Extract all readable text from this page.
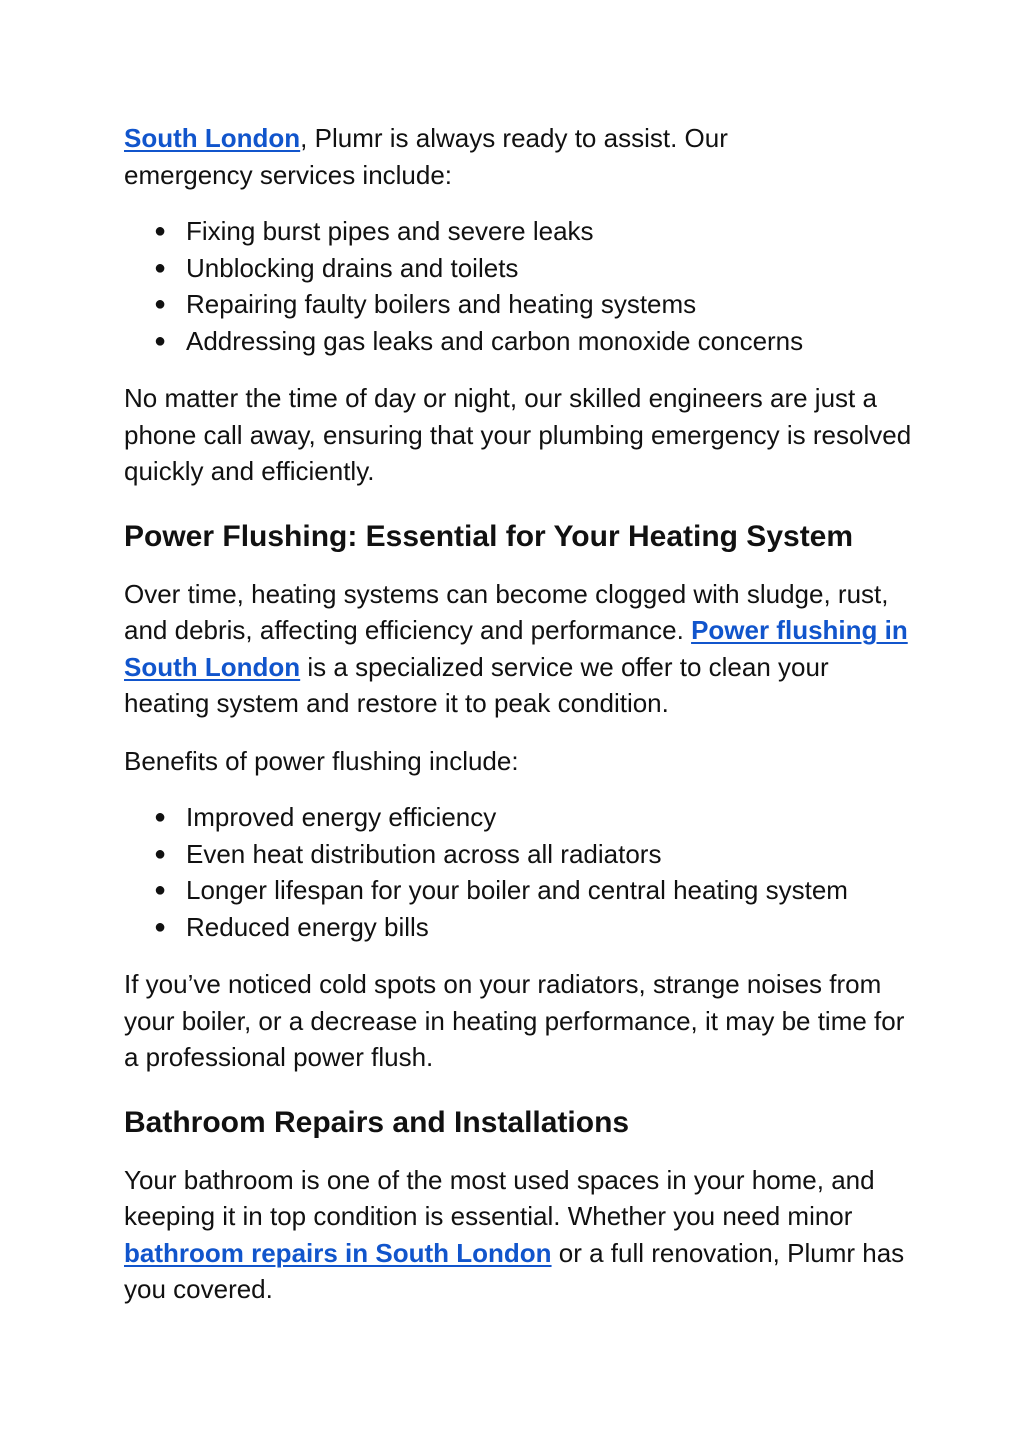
South London, Plumr is always ready to assist. Our
emergency services include:

● Fixing burst pipes and severe leaks
● Unblocking drains and toilets
● Repairing faulty boilers and heating systems
● Addressing gas leaks and carbon monoxide concerns

No matter the time of day or night, our skilled engineers are just a phone call away, ensuring that your plumbing emergency is resolved quickly and efficiently.

Power Flushing: Essential for Your Heating System

Over time, heating systems can become clogged with sludge, rust, and debris, affecting efficiency and performance. Power flushing in South London is a specialized service we offer to clean your heating system and restore it to peak condition.

Benefits of power flushing include:

● Improved energy efficiency
● Even heat distribution across all radiators
● Longer lifespan for your boiler and central heating system
● Reduced energy bills

If you’ve noticed cold spots on your radiators, strange noises from your boiler, or a decrease in heating performance, it may be time for a professional power flush.

Bathroom Repairs and Installations

Your bathroom is one of the most used spaces in your home, and keeping it in top condition is essential. Whether you need minor bathroom repairs in South London or a full renovation, Plumr has you covered.
